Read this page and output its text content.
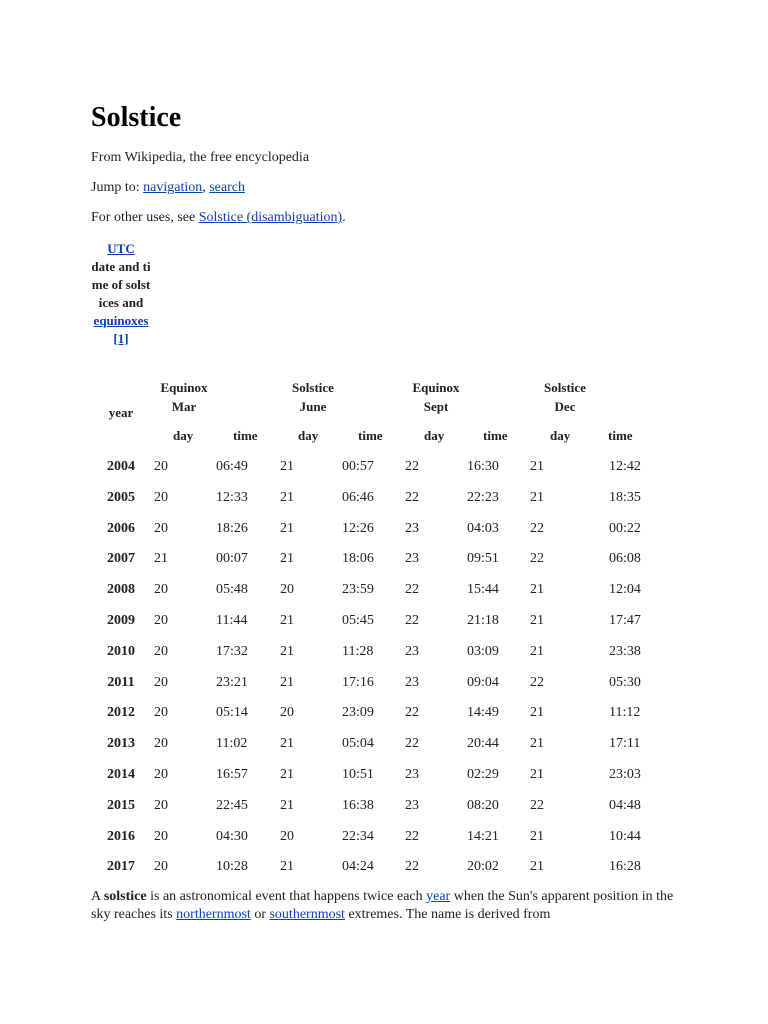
Solstice
From Wikipedia, the free encyclopedia
Jump to: navigation, search
For other uses, see Solstice (disambiguation).
UTC
date and time of solstices and
equinoxes[1]
year
Equinox
Mar
Solstice
June
Equinox
Sept
Solstice
Dec
day	time	day	time	day	time	day	time
2004	20	06:49 21	00:57 22	16:30 21	12:42
2005	20	12:33 21	06:46 22	22:23 21	18:35
2006	20	18:26 21	12:26 23	04:03 22	00:22
2007	21	00:07 21	18:06 23	09:51 22	06:08
2008	20	05:48 20	23:59 22	15:44 21	12:04
2009	20	11:44 21	05:45 22	21:18 21	17:47
2010	20	17:32 21	11:28 23	03:09 21	23:38
2011	20	23:21 21	17:16 23	09:04 22	05:30
2012	20	05:14 20	23:09 22	14:49 21	11:12
2013	20	11:02 21	05:04 22	20:44 21	17:11
2014	20	16:57 21	10:51 23	02:29 21	23:03
2015	20	22:45 21	16:38 23	08:20 22	04:48
2016	20	04:30 20	22:34 22	14:21 21	10:44
2017	20	10:28 21	04:24 22	20:02 21	16:28
A solstice is an astronomical event that happens twice each year when the Sun's apparent position in the sky reaches its northernmost or southernmost extremes. The name is derived from
